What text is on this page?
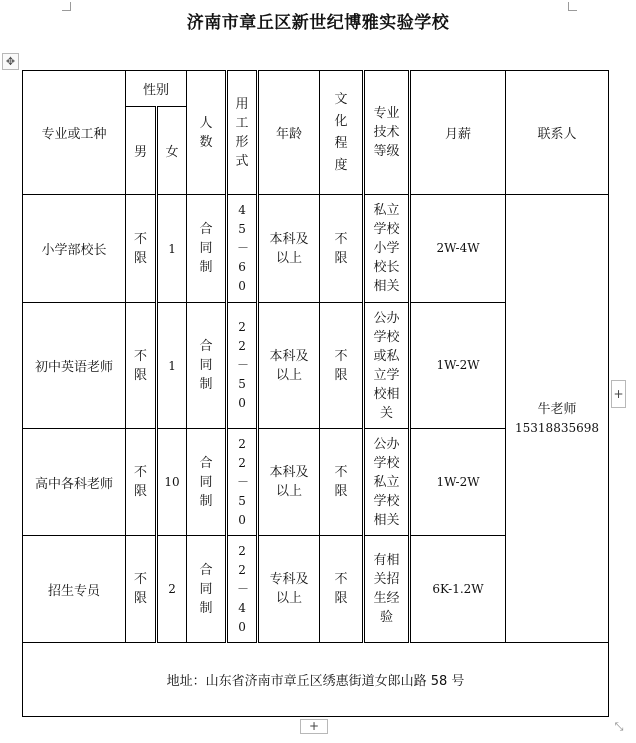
济南市章丘区新世纪博雅实验学校
✥
专业或工种	性别		人数	用工形式	年龄	文化程度	专业技术等级	月薪	联系人
	男	女							
小学部校长	不限	1	合同制	45－60	本科及以上	不限	私立学校小学校长相关	2W-4W	牛老师
15318835698

初中英语老师	不限	1	合同制	22－50	本科及以上	不限	公办学校或私立学校相关	1W-2W	
高中各科老师	不限	10	合同制	22－50	本科及以上	不限	公办学校私立学校相关	1W-2W	
招生专员	不限	2	合同制	22－40	专科及以上	不限	有相关招生经验	6K-1.2W	
地址：山东省济南市章丘区绣惠街道女郎山路 58 号									
+
+	⤡
